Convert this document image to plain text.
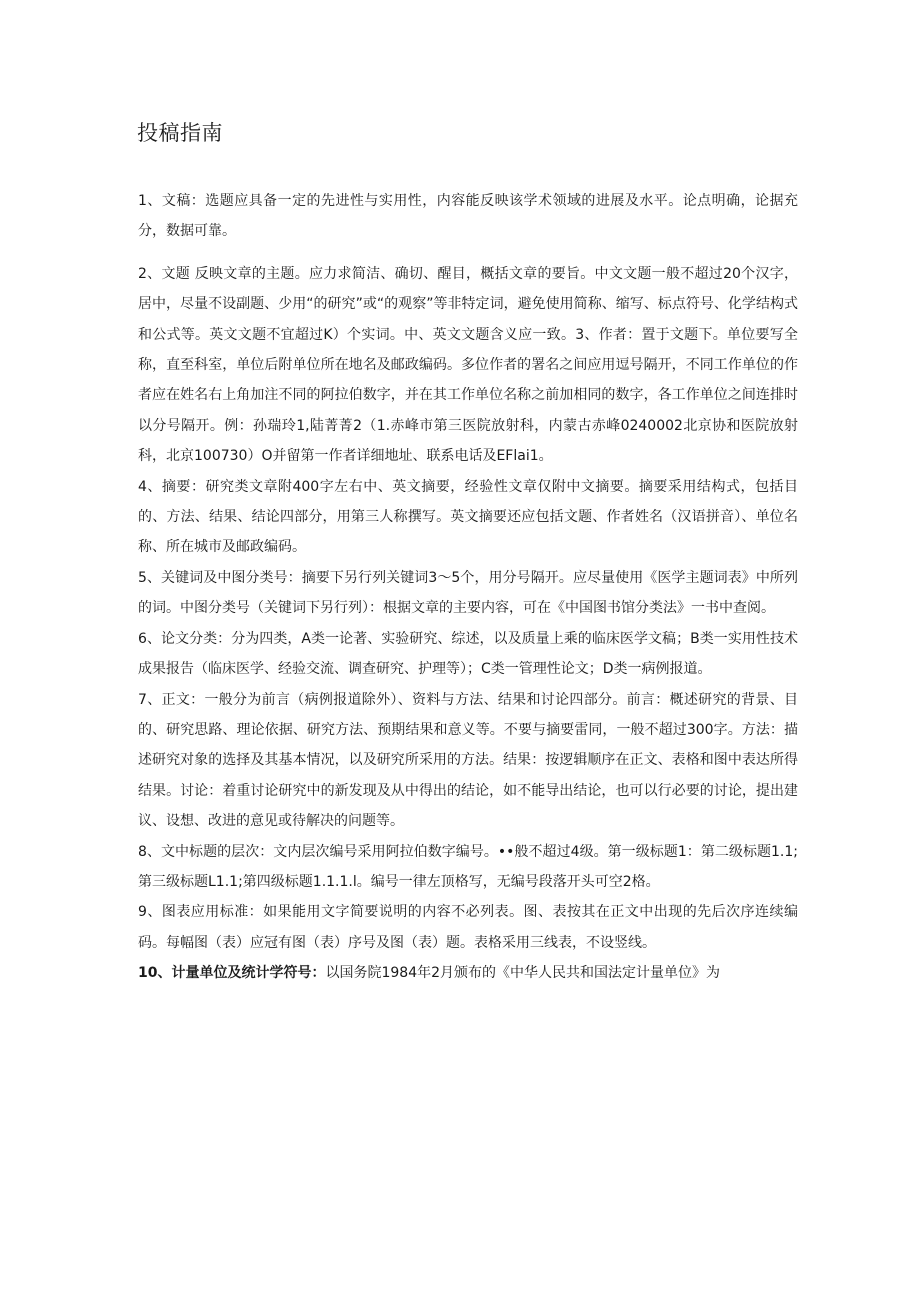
投稿指南

1、文稿：选题应具备一定的先进性与实用性，内容能反映该学术领域的进展及水平。论点明确，论据充分，数据可靠。

2、文题 反映文章的主题。应力求简洁、确切、醒目，概括文章的要旨。中文文题一般不超过20个汉字，居中，尽量不设副题、少用“的研究”或“的观察”等非特定词，避免使用简称、缩写、标点符号、化学结构式和公式等。英文文题不宜超过K）个实词。中、英文文题含义应一致。3、作者：置于文题下。单位要写全称，直至科室，单位后附单位所在地名及邮政编码。多位作者的署名之间应用逗号隔开，不同工作单位的作者应在姓名右上角加注不同的阿拉伯数字，并在其工作单位名称之前加相同的数字，各工作单位之间连排时以分号隔开。例：孙瑞玲1,陆菁菁2（1.赤峰市第三医院放射科，内蒙古赤峰0240002北京协和医院放射科，北京100730）O并留第一作者详细地址、联系电话及EFlai1。

4、摘要：研究类文章附400字左右中、英文摘要，经验性文章仅附中文摘要。摘要采用结构式，包括目的、方法、结果、结论四部分，用第三人称撰写。英文摘要还应包括文题、作者姓名（汉语拼音）、单位名称、所在城市及邮政编码。

5、关键词及中图分类号：摘要下另行列关键词3～5个，用分号隔开。应尽量使用《医学主题词表》中所列的词。中图分类号（关键词下另行列）：根据文章的主要内容，可在《中国图书馆分类法》一书中查阅。

6、论文分类：分为四类，A类一论著、实验研究、综述，以及质量上乘的临床医学文稿；B类一实用性技术成果报告（临床医学、经验交流、调查研究、护理等）；C类一管理性论文；D类一病例报道。

7、正文：一般分为前言（病例报道除外）、资料与方法、结果和讨论四部分。前言：概述研究的背景、目的、研究思路、理论依据、研究方法、预期结果和意义等。不要与摘要雷同，一般不超过300字。方法：描述研究对象的选择及其基本情况，以及研究所采用的方法。结果：按逻辑顺序在正文、表格和图中表达所得结果。讨论：着重讨论研究中的新发现及从中得出的结论，如不能导出结论，也可以行必要的讨论，提出建议、设想、改进的意见或待解决的问题等。

8、文中标题的层次：文内层次编号采用阿拉伯数字编号。••般不超过4级。第一级标题1：第二级标题1.1;第三级标题L1.1;第四级标题1.1.1.l。编号一律左顶格写，无编号段落开头可空2格。

9、图表应用标准：如果能用文字简要说明的内容不必列表。图、表按其在正文中出现的先后次序连续编码。每幅图（表）应冠有图（表）序号及图（表）题。表格采用三线表，不设竖线。

10、计量单位及统计学符号：以国务院1984年2月颁布的《中华人民共和国法定计量单位》为
